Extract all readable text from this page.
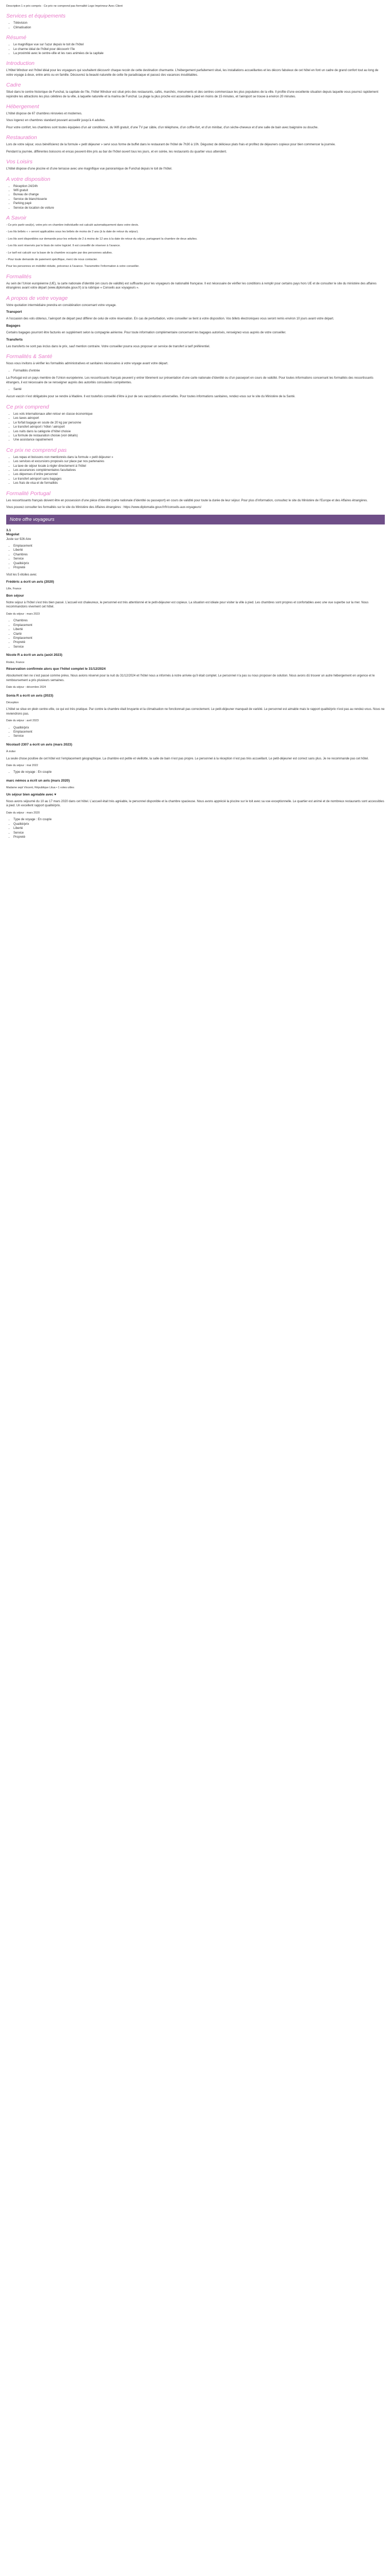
Description 1 e prix compris · Ce prix ne comprend pas formalité Logo Imprimeur Avec Client
Services et équipements
• Télévision
• Climatisation
Résumé
• Le magnifique vue sur l’azur depuis le toit de l’hôtel
• Le charme idéal de l’hôtel pour découvrir l’île
• La proximité avec le centre-ville et les rues animées de la capitale
Introduction

L’Hôtel Windsor est l’hôtel idéal pour les voyageurs qui souhaitent découvrir chaque recoin de cette destination charmante. L’hébergement parfaitement situé, les installations accueillantes et les décors fabuleux de cet hôtel en font un cadre de grand confort tout au long de votre voyage à deux, entre amis ou en famille. Découvrez la beauté naturelle de cette île paradisiaque et passez des vacances inoubliables.

Cadre

Situé dans le centre historique de Funchal, la capitale de l’île, l’hôtel Windsor est situé près des restaurants, cafés, marchés, monuments et des centres commerciaux les plus populaires de la ville. Il profite d’une excellente situation depuis laquelle vous pourrez rapidement rejoindre les attractions les plus célèbres de la ville, à laquelle naturelle et la marina de Funchal. La plage la plus proche est accessible à pied en moins de 15 minutes, et l’aéroport se trouve à environ 20 minutes.

Hébergement

L’hôtel dispose de 67 chambres rénovées et modernes.

Vous logerez en chambres standard pouvant accueillir jusqu’à 4 adultes.

Pour votre confort, les chambres sont toutes équipées d’un air conditionné, du Wifi gratuit, d’une TV par câble, d’un téléphone, d’un coffre-fort, et d’un minibar, d’un sèche-cheveux et d’une salle de bain avec baignoire ou douche.

Restauration

Lors de votre séjour, vous bénéficierez de la formule « petit déjeuner » servi sous forme de buffet dans le restaurant de l’hôtel de 7h30 à 10h. Dégustez de délicieux plats frais et profitez de déjeuners copieux pour bien commencer la journée.

Pendant la journée, différentes boissons et encas peuvent être pris au bar de l’hôtel ouvert tous les jours, et en soirée, les restaurants du quartier vous attendent.

Vos Loisirs

L’hôtel dispose d’une piscine et d’une terrasse avec une magnifique vue panoramique de Funchal depuis le toit de l’hôtel.

A votre disposition
• Réception 24/24h
• Wifi gratuit
• Bureau de change
• Service de blanchisserie
• Parking payé
• Service de location de voiture
A Savoir

- Ce prix partir seul(e), votre prix en chambre individuelle est calculé automatiquement dans votre devis.

- Les lits bébés « » seront applicables sous les bébés de moins de 2 ans (à la date de retour du séjour).

- Les lits sont disponibles sur demande pour les enfants de 2 à moins de 12 ans à la date de retour du séjour, partageant la chambre de deux adultes.

- Les lits sont réservés par le biais de notre logiciel. Il est conseillé de réserver à l’avance.

- Le tarif est calculé sur la base de la chambre occupée par des personnes adultes.

- Pour toute demande de paiement spécifique, merci de nous contacter.

Pour les personnes en mobilité réduite, prévenez à l’avance. Transmettre l’information à votre conseiller.

Formalités

Au sein de l’Union européenne (UE), la carte nationale d’identité (en cours de validité) est suffisante pour les voyageurs de nationalité française. Il est nécessaire de vérifier les conditions à remplir pour certains pays hors UE et de consulter le site du ministère des affaires étrangères avant votre départ (www.diplomatie.gouv.fr) à la rubrique « Conseils aux voyageurs ».

A propos de votre voyage

Votre quotation intermédiaire prendra en considération concernant votre voyage.

Transport

A l’occasion des vols obtenus, l’aéroport de départ peut différer de celui de votre réservation. En cas de perturbation, votre conseiller se tient à votre disposition. Vos billets électroniques vous seront remis environ 10 jours avant votre départ.

Bagages

Certains bagages pourront être facturés en supplément selon la compagnie aérienne. Pour toute information complémentaire concernant les bagages autorisés, renseignez-vous auprès de votre conseiller.

Transferts

Les transferts ne sont pas inclus dans le prix, sauf mention contraire. Votre conseiller pourra vous proposer un service de transfert à tarif préférentiel.

Formalités & Santé

Nous vous invitons à vérifier les formalités administratives et sanitaires nécessaires à votre voyage avant votre départ.

• Formalités d’entrée

La Portugal est un pays membre de l’Union européenne. Les ressortissants français peuvent y entrer librement sur présentation d’une carte nationale d’identité ou d’un passeport en cours de validité. Pour toutes informations concernant les formalités des ressortissants étrangers, il est nécessaire de se renseigner auprès des autorités consulaires compétentes.

• Santé

Aucun vaccin n’est obligatoire pour se rendre à Madère. Il est toutefois conseillé d’être à jour de ses vaccinations universelles. Pour toutes informations sanitaires, rendez-vous sur le site du Ministère de la Santé.

Ce prix comprend
• Les vols internationaux aller-retour en classe économique
• Les taxes aéroport
• Le forfait bagage en soute de 20 kg par personne
• Le transfert aéroport / hôtel / aéroport
• Les nuits dans la catégorie d’hôtel choisie
• La formule de restauration choisie (voir détails)
• Une assistance rapatriement
Ce prix ne comprend pas
• Les repas et boissons non mentionnés dans la formule « petit déjeuner »
• Les services et excursions proposés sur place par nos partenaires
• La taxe de séjour locale à régler directement à l’hôtel
• Les assurances complémentaires facultatives
• Les dépenses d’ordre personnel
• Le transfert aéroport sans bagages
• Les frais de visa et de formalités
Formalité Portugal

Les ressortissants français doivent être en possession d’une pièce d’identité (carte nationale d’identité ou passeport) en cours de validité pour toute la durée de leur séjour. Pour plus d’information, consultez le site du Ministère de l’Europe et des Affaires étrangères.

Vous pouvez consulter les formalités sur le site du Ministère des Affaires étrangères : https://www.diplomatie.gouv.fr/fr/conseils-aux-voyageurs/

Notre offre voyageurs
3.1
Mogolat

Juste sur 926 Aire

• Emplacement
• Liberté
• Chambres
• Service
• Qualité/prix
• Propreté

Visit les 5 étoiles avec

Frédéric a écrit un avis (2020)

Lille, France

Bon séjour

Notre séjour à l’hôtel s’est très bien passé. L’accueil est chaleureux, le personnel est très attentionné et le petit-déjeuner est copieux. La situation est idéale pour visiter la ville à pied. Les chambres sont propres et confortables avec une vue superbe sur la mer. Nous recommandons vivement cet hôtel.

Date du séjour : mars 2023

• Chambres
• Emplacement
• Liberté
• Clarté
• Emplacement
• Propreté
• Service

Nicole R a écrit un avis (août 2023)

Rodez, France

Réservation confirmée alors que l’hôtel complet le 31/12/2024

Absolument rien ne s’est passé comme prévu. Nous avions réservé pour la nuit du 31/12/2024 et l’hôtel nous a informés à notre arrivée qu’il était complet. Le personnel n’a pas su nous proposer de solution. Nous avons dû trouver un autre hébergement en urgence et le remboursement a pris plusieurs semaines.

Date du séjour : décembre 2024

Sonia R a écrit un avis (2023)

Déception

L’hôtel se situe en plein centre-ville, ce qui est très pratique. Par contre la chambre était bruyante et la climatisation ne fonctionnait pas correctement. Le petit-déjeuner manquait de variété. Le personnel est aimable mais le rapport qualité/prix n’est pas au rendez-vous. Nous ne reviendrons pas.

Date du séjour : avril 2023

• Qualité/prix
• Emplacement
• Service

Nicolas0 2307 a écrit un avis (mars 2023)

À éviter

La seule chose positive de cet hôtel est l’emplacement géographique. La chambre est petite et vieillotte, la salle de bain n’est pas propre. Le personnel à la réception n’est pas très accueillant. Le petit-déjeuner est correct sans plus. Je ne recommande pas cet hôtel.

Date du séjour : mai 2022

• Type de voyage : En couple

marc némos a écrit un avis (mars 2020)

Madame sept Vincent, République Litua • 1 votes utiles

Un séjour bien agréable avec ♥

Nous avons séjourné du 10 au 17 mars 2020 dans cet hôtel. L’accueil était très agréable, le personnel disponible et la chambre spacieuse. Nous avons apprécié la piscine sur le toit avec sa vue exceptionnelle. Le quartier est animé et de nombreux restaurants sont accessibles à pied. Un excellent rapport qualité/prix.

Date du séjour : mars 2020

• Type de voyage : En couple
• Qualité/prix
• Liberté
• Service
• Propreté
